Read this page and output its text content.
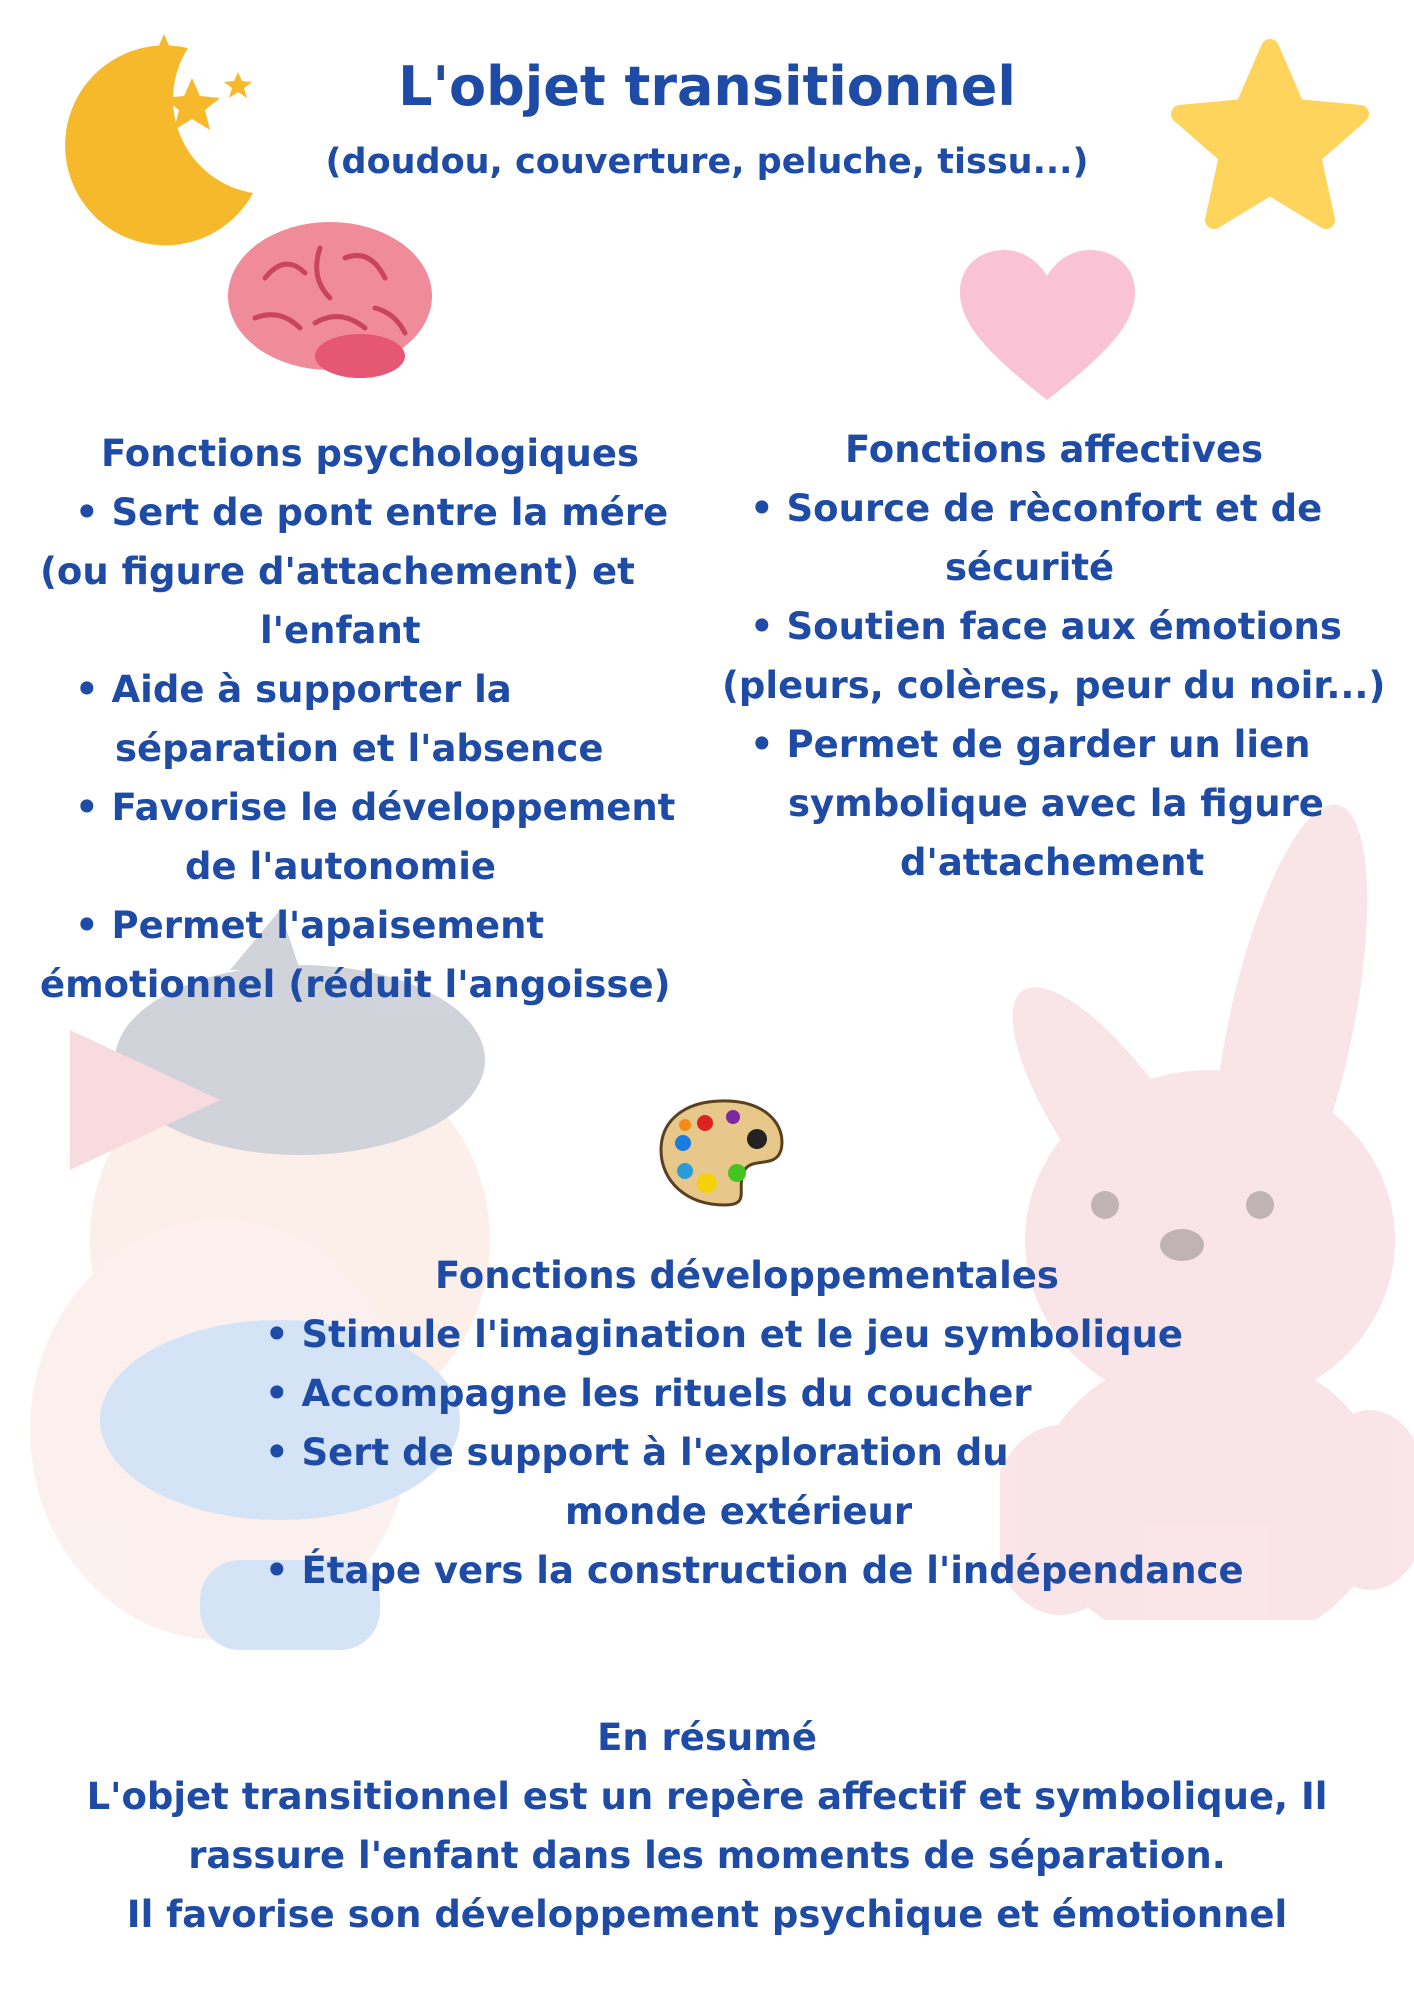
L'objet transitionnel
(doudou, couverture, peluche, tissu...)

Fonctions psychologiques

• Sert de pont entre la mére

(ou figure d'attachement) et

l'enfant

• Aide à supporter la

séparation et l'absence

• Favorise le développement

de l'autonomie

• Permet l'apaisement

émotionnel (réduit l'angoisse)

Fonctions affectives

• Source de rèconfort et de

sécurité

• Soutien face aux émotions

(pleurs, colères, peur du noir...)

• Permet de garder un lien

symbolique avec la figure

d'attachement

Fonctions développementales

• Stimule l'imagination et le jeu symbolique

• Accompagne les rituels du coucher

• Sert de support à l'exploration du

monde extérieur

• Étape vers la construction de l'indépendance

En résumé

L'objet transitionnel est un repère affectif et symbolique, Il

rassure l'enfant dans les moments de séparation.

Il favorise son développement psychique et émotionnel
